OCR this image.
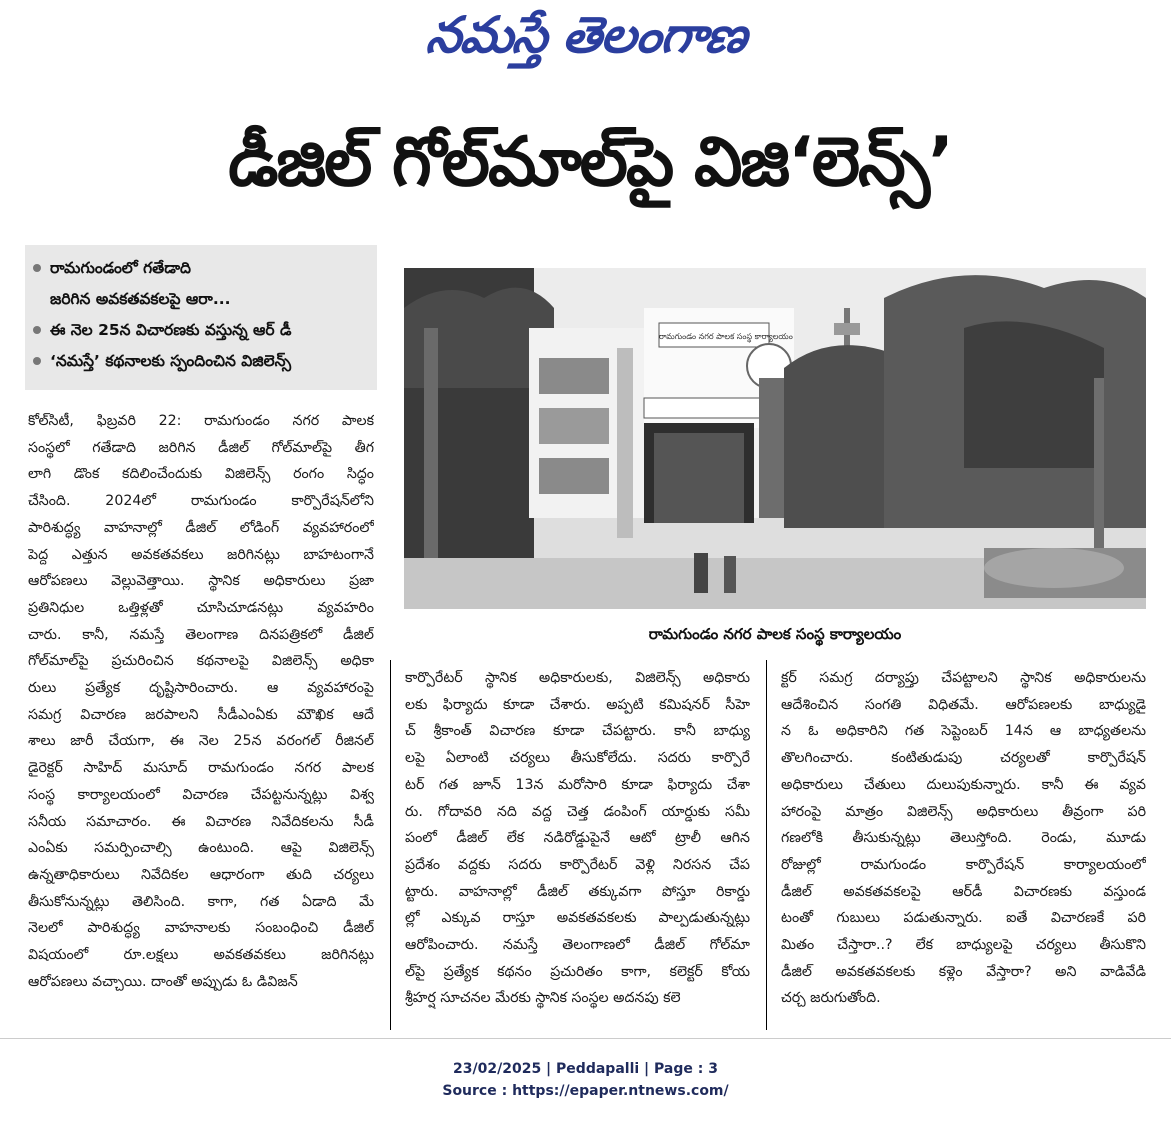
నమస్తే తెలంగాణ
డీజిల్ గోల్‌మాల్‌పై విజి‘లెన్స్’
రామగుండంలో గతేడాది
జరిగిన అవకతవకలపై ఆరా...
ఈ నెల 25న విచారణకు వస్తున్న ఆర్ డీ
‘నమస్తే’ కథనాలకు స్పందించిన విజిలెన్స్
రామగుండం నగర పాలక సంస్థ కార్యాలయం
రామగుండం నగర పాలక సంస్థ కార్యాలయం
కోల్‌సిటీ, ఫిబ్రవరి 22: రామగుండం నగర పాలక
సంస్థలో గతేడాది జరిగిన డీజిల్ గోల్‌మాల్‌పై తీగ
లాగి డొంక కదిలించేందుకు విజిలెన్స్ రంగం సిద్ధం
చేసింది. 2024లో రామగుండం కార్పొరేషన్‌లోని
పారిశుద్ధ్య వాహనాల్లో డీజిల్ లోడింగ్ వ్యవహారంలో
పెద్ద ఎత్తున అవకతవకలు జరిగినట్లు బాహటంగానే
ఆరోపణలు వెల్లువెత్తాయి. స్థానిక అధికారులు ప్రజా
ప్రతినిధుల ఒత్తిళ్లతో చూసిచూడనట్లు వ్యవహరిం
చారు. కానీ, నమస్తే తెలంగాణ దినపత్రికలో డీజిల్
గోల్‌మాల్‌పై ప్రచురించిన కథనాలపై విజిలెన్స్ అధికా
రులు ప్రత్యేక దృష్టిసారించారు. ఆ వ్యవహారంపై
సమగ్ర విచారణ జరపాలని సీడీఎంఏకు మౌఖిక ఆదే
శాలు జారీ చేయగా, ఈ నెల 25న వరంగల్ రీజినల్
డైరెక్టర్ సాహిద్ మసూద్ రామగుండం నగర పాలక
సంస్థ కార్యాలయంలో విచారణ చేపట్టనున్నట్లు విశ్వ
సనీయ సమాచారం. ఈ విచారణ నివేదికలను సీడీ
ఎంఏకు సమర్పించాల్సి ఉంటుంది. ఆపై విజిలెన్స్
ఉన్నతాధికారులు నివేదికల ఆధారంగా తుది చర్యలు
తీసుకోనున్నట్లు తెలిసింది. కాగా, గత ఏడాది మే
నెలలో పారిశుద్ధ్య వాహనాలకు సంబంధించి డీజిల్
విషయంలో రూ.లక్షలు అవకతవకలు జరిగినట్లు
ఆరోపణలు వచ్చాయి. దాంతో అప్పుడు ఓ డివిజన్
కార్పొరేటర్ స్థానిక అధికారులకు, విజిలెన్స్ అధికారు
లకు ఫిర్యాదు కూడా చేశారు. అప్పటి కమిషనర్ సీహె
చ్ శ్రీకాంత్ విచారణ కూడా చేపట్టారు. కానీ బాధ్యు
లపై ఏలాంటి చర్యలు తీసుకోలేదు. సదరు కార్పొరే
టర్ గత జూన్ 13న మరోసారి కూడా ఫిర్యాదు చేశా
రు. గోదావరి నది వద్ద చెత్త డంపింగ్ యార్డుకు సమీ
పంలో డీజిల్ లేక నడిరోడ్డుపైనే ఆటో ట్రాలీ ఆగిన
ప్రదేశం వద్దకు సదరు కార్పొరేటర్ వెళ్లి నిరసన చేప
ట్టారు. వాహనాల్లో డీజిల్ తక్కువగా పోస్తూ రికార్డు
ల్లో ఎక్కువ రాస్తూ అవకతవకలకు పాల్పడుతున్నట్లు
ఆరోపించారు. నమస్తే తెలంగాణలో డీజిల్ గోల్‌మా
ల్‌పై ప్రత్యేక కథనం ప్రచురితం కాగా, కలెక్టర్ కోయ
శ్రీహర్ష సూచనల మేరకు స్థానిక సంస్థల అదనపు కలె
క్టర్ సమగ్ర దర్యాప్తు చేపట్టాలని స్థానిక అధికారులను
ఆదేశించిన సంగతి విధితమే. ఆరోపణలకు బాధ్యుడై
న ఓ అధికారిని గత సెప్టెంబర్ 14న ఆ బాధ్యతలను
తొలగించారు. కంటితుడుపు చర్యలతో కార్పొరేషన్
అధికారులు చేతులు దులుపుకున్నారు. కానీ ఈ వ్యవ
హారంపై మాత్రం విజిలెన్స్ అధికారులు తీవ్రంగా పరి
గణలోకి తీసుకున్నట్లు తెలుస్తోంది. రెండు, మూడు
రోజుల్లో రామగుండం కార్పొరేషన్ కార్యాలయంలో
డీజిల్ అవకతవకలపై ఆర్‌డీ విచారణకు వస్తుండ
టంతో గుబులు పడుతున్నారు. ఐతే విచారణకే పరి
మితం చేస్తారా..? లేక బాధ్యులపై చర్యలు తీసుకొని
డీజిల్ అవకతవకలకు కళ్లెం వేస్తారా? అని వాడివేడి
చర్చ జరుగుతోంది.
23/02/2025 | Peddapalli | Page : 3
Source : https://epaper.ntnews.com/
